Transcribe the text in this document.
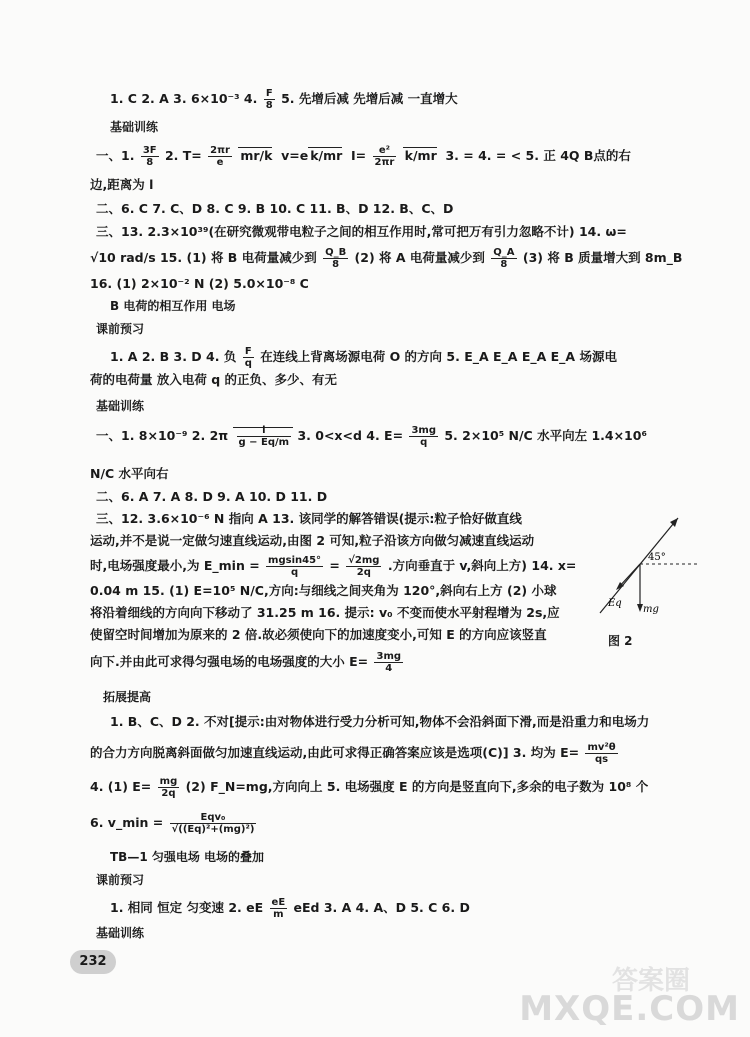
1. C 2. A 3. 6×10⁻³ 4. $\frac{F}{8} 5$. 先增后减 先增后减 一直增大
基础训练
一、1. $\frac{3F}{8} 2$. $T= \frac{2\pi r}{e} mr/k$ v=e k/mr $I= \frac{\text{e²}}{2\pi r} k/mr$ 3. = 4. = < 5. 正 4Q B点的右
边,距离为 l
二、6. C 7. C、D 8. C 9. B 10. C 11. B、D 12. B、C、D
三、13. 2.3×10³⁹(在研究微观带电粒子之间的相互作用时,常可把万有引力忽略不计) 14. ω=
√10 rad/s 15. (1) 将 B 电荷量减少到 $\frac{Q\_B}{8} (2)$ 将 A 电荷量减少到 $\frac{Q\_A}{8} (3)$ 将 B 质量增大到 8m_B
16. (1) 2×10⁻² N (2) 5.0×10⁻⁸ C
B 电荷的相互作用 电场
课前预习
1. A 2. B 3. D 4. 负 $\frac{F}{q}$ 在连线上背离场源电荷 O 的方向 5. E_A E_A E_A E_A 场源电
荷的电荷量 放入电荷 q 的正负、多少、有无
基础训练
一、1. 8×10⁻⁹ 2. $2\pi \frac{l}{g - Eq/m} 3$. 0<x<d 4. $E= \frac{3mg}{q} 5$. 2×10⁵ N/C 水平向左 1.4×10⁶
N/C 水平向右
二、6. A 7. A 8. D 9. A 10. D 11. D
三、12. 3.6×10⁻⁶ N 指向 A 13. 该同学的解答错误(提示:粒子恰好做直线
运动,并不是说一定做匀速直线运动,由图 2 可知,粒子沿该方向做匀减速直线运动
时,电场强度最小,为 E_min = $\frac{mgsin45^\circ}{q} = \frac{√2mg}{2q}$ .方向垂直于 v,斜向上方) 14. x=
0.04 m 15. (1) E=10⁵ N/C,方向:与细线之间夹角为 120°,斜向右上方 (2) 小球
将沿着细线的方向向下移动了 31.25 m 16. 提示: v₀ 不变而使水平射程增为 2s,应
使留空时间增加为原来的 2 倍.故必须使向下的加速度变小,可知 E 的方向应该竖直
向下.并由此可求得匀强电场的电场强度的大小 $E= \frac{3mg}{4}$
45°
Eq
mg
图 2
拓展提高
1. B、C、D 2. 不对[提示:由对物体进行受力分析可知,物体不会沿斜面下滑,而是沿重力和电场力
的合力方向脱离斜面做匀加速直线运动,由此可求得正确答案应该是选项(C)] 3. 均为 $E= \frac{\text{mv²θ}}{qs}$
4. (1) $E= \frac{mg}{2q} (2)$ F_N=mg,方向向上 5. 电场强度 E 的方向是竖直向下,多余的电子数为 10⁸ 个
6. v_min = $\frac{\text{Eqv₀}}{\text{√((Eq)²+(mg)²)}}$
TB—1 匀强电场 电场的叠加
课前预习
1. 相同 恒定 匀变速 2. eE $\frac{eE}{m}$ eEd 3. A 4. A、D 5. C 6. D
基础训练
232
答案圈
MXQE.COM
